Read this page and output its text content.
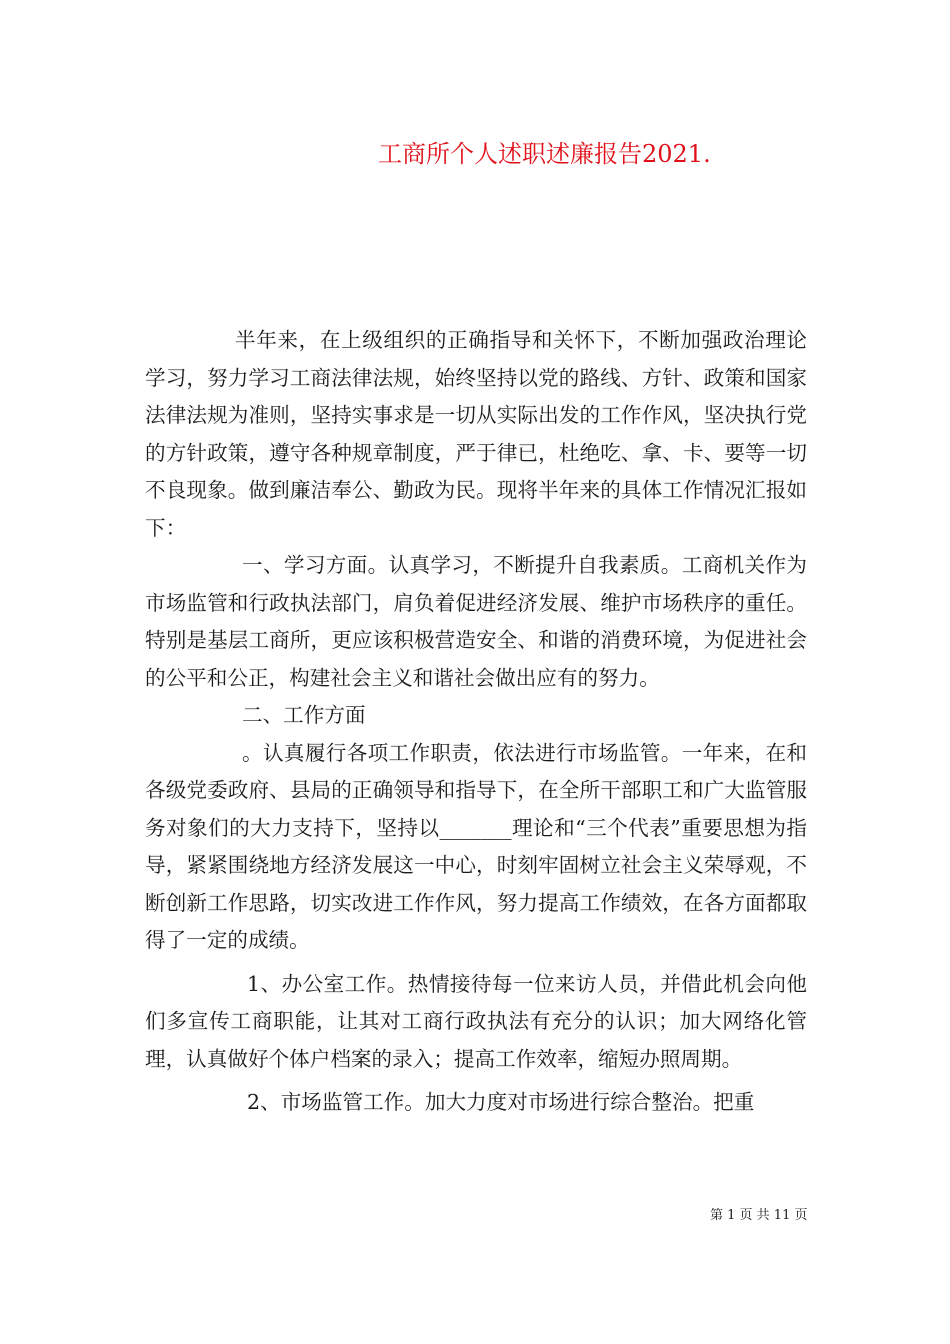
工商所个人述职述廉报告2021.

半年来，在上级组织的正确指导和关怀下，不断加强政治理论学习，努力学习工商法律法规，始终坚持以党的路线、方针、政策和国家法律法规为准则，坚持实事求是一切从实际出发的工作作风，坚决执行党的方针政策，遵守各种规章制度，严于律已，杜绝吃、拿、卡、要等一切不良现象。做到廉洁奉公、勤政为民。现将半年来的具体工作情况汇报如下：

一、学习方面。认真学习，不断提升自我素质。工商机关作为市场监管和行政执法部门，肩负着促进经济发展、维护市场秩序的重任。特别是基层工商所，更应该积极营造安全、和谐的消费环境，为促进社会的公平和公正，构建社会主义和谐社会做出应有的努力。

二、工作方面

。认真履行各项工作职责，依法进行市场监管。一年来，在和各级党委政府、县局的正确领导和指导下，在全所干部职工和广大监管服务对象们的大力支持下，坚持以_______理论和“三个代表”重要思想为指导，紧紧围绕地方经济发展这一中心，时刻牢固树立社会主义荣辱观，不断创新工作思路，切实改进工作作风，努力提高工作绩效，在各方面都取得了一定的成绩。

1、办公室工作。热情接待每一位来访人员，并借此机会向他们多宣传工商职能，让其对工商行政执法有充分的认识；加大网络化管理，认真做好个体户档案的录入；提高工作效率，缩短办照周期。

2、市场监管工作。加大力度对市场进行综合整治。把重

第 1 页 共 11 页
